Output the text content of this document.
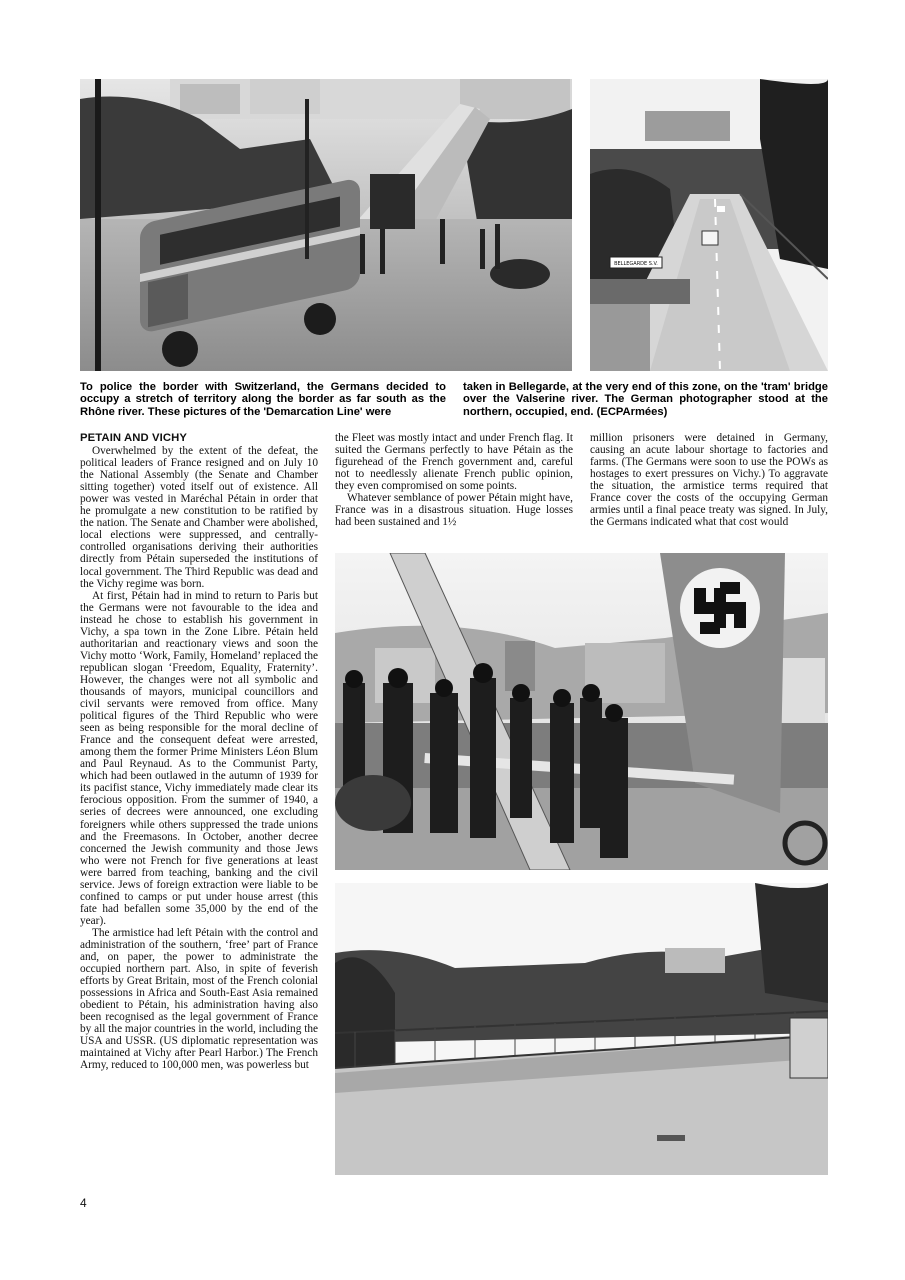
BELLEGARDE S.V.
To police the border with Switzerland, the Germans decided to occupy a stretch of territory along the border as far south as the Rhône river. These pictures of the 'Demarcation Line' were
taken in Bellegarde, at the very end of this zone, on the 'tram' bridge over the Valserine river. The German photographer stood at the northern, occupied, end. (ECPArmées)
PETAIN AND VICHY

Overwhelmed by the extent of the defeat, the political leaders of France resigned and on July 10 the National Assembly (the Senate and Chamber sitting together) voted itself out of existence. All power was vested in Maréchal Pétain in order that he promulgate a new constitution to be ratified by the nation. The Senate and Chamber were abolished, local elections were suppressed, and centrally-controlled organisations deriving their authorities directly from Pétain superseded the institutions of local government. The Third Republic was dead and the Vichy regime was born.

At first, Pétain had in mind to return to Paris but the Germans were not favourable to the idea and instead he chose to establish his government in Vichy, a spa town in the Zone Libre. Pétain held authoritarian and reactionary views and soon the Vichy motto ‘Work, Family, Homeland’ replaced the republican slogan ‘Freedom, Equality, Fraternity’. However, the changes were not all symbolic and thousands of mayors, municipal councillors and civil servants were removed from office. Many political figures of the Third Republic who were seen as being responsible for the moral decline of France and the consequent defeat were arrested, among them the former Prime Ministers Léon Blum and Paul Reynaud. As to the Communist Party, which had been outlawed in the autumn of 1939 for its pacifist stance, Vichy immediately made clear its ferocious opposition. From the summer of 1940, a series of decrees were announced, one excluding foreigners while others suppressed the trade unions and the Freemasons. In October, another decree concerned the Jewish community and those Jews who were not French for five generations at least were barred from teaching, banking and the civil service. Jews of foreign extraction were liable to be confined to camps or put under house arrest (this fate had befallen some 35,000 by the end of the year).

The armistice had left Pétain with the control and administration of the southern, ‘free’ part of France and, on paper, the power to administrate the occupied northern part. Also, in spite of feverish efforts by Great Britain, most of the French colonial possessions in Africa and South-East Asia remained obedient to Pétain, his administration having also been recognised as the legal government of France by all the major countries in the world, including the USA and USSR. (US diplomatic representation was maintained at Vichy after Pearl Harbor.) The French Army, reduced to 100,000 men, was powerless but

the Fleet was mostly intact and under French flag. It suited the Germans perfectly to have Pétain as the figurehead of the French government and, careful not to needlessly alienate French public opinion, they even compromised on some points.

Whatever semblance of power Pétain might have, France was in a disastrous situation. Huge losses had been sustained and 1½

million prisoners were detained in Germany, causing an acute labour shortage to factories and farms. (The Germans were soon to use the POWs as hostages to exert pressures on Vichy.) To aggravate the situation, the armistice terms required that France cover the costs of the occupying German armies until a final peace treaty was signed. In July, the Germans indicated what that cost would

4
